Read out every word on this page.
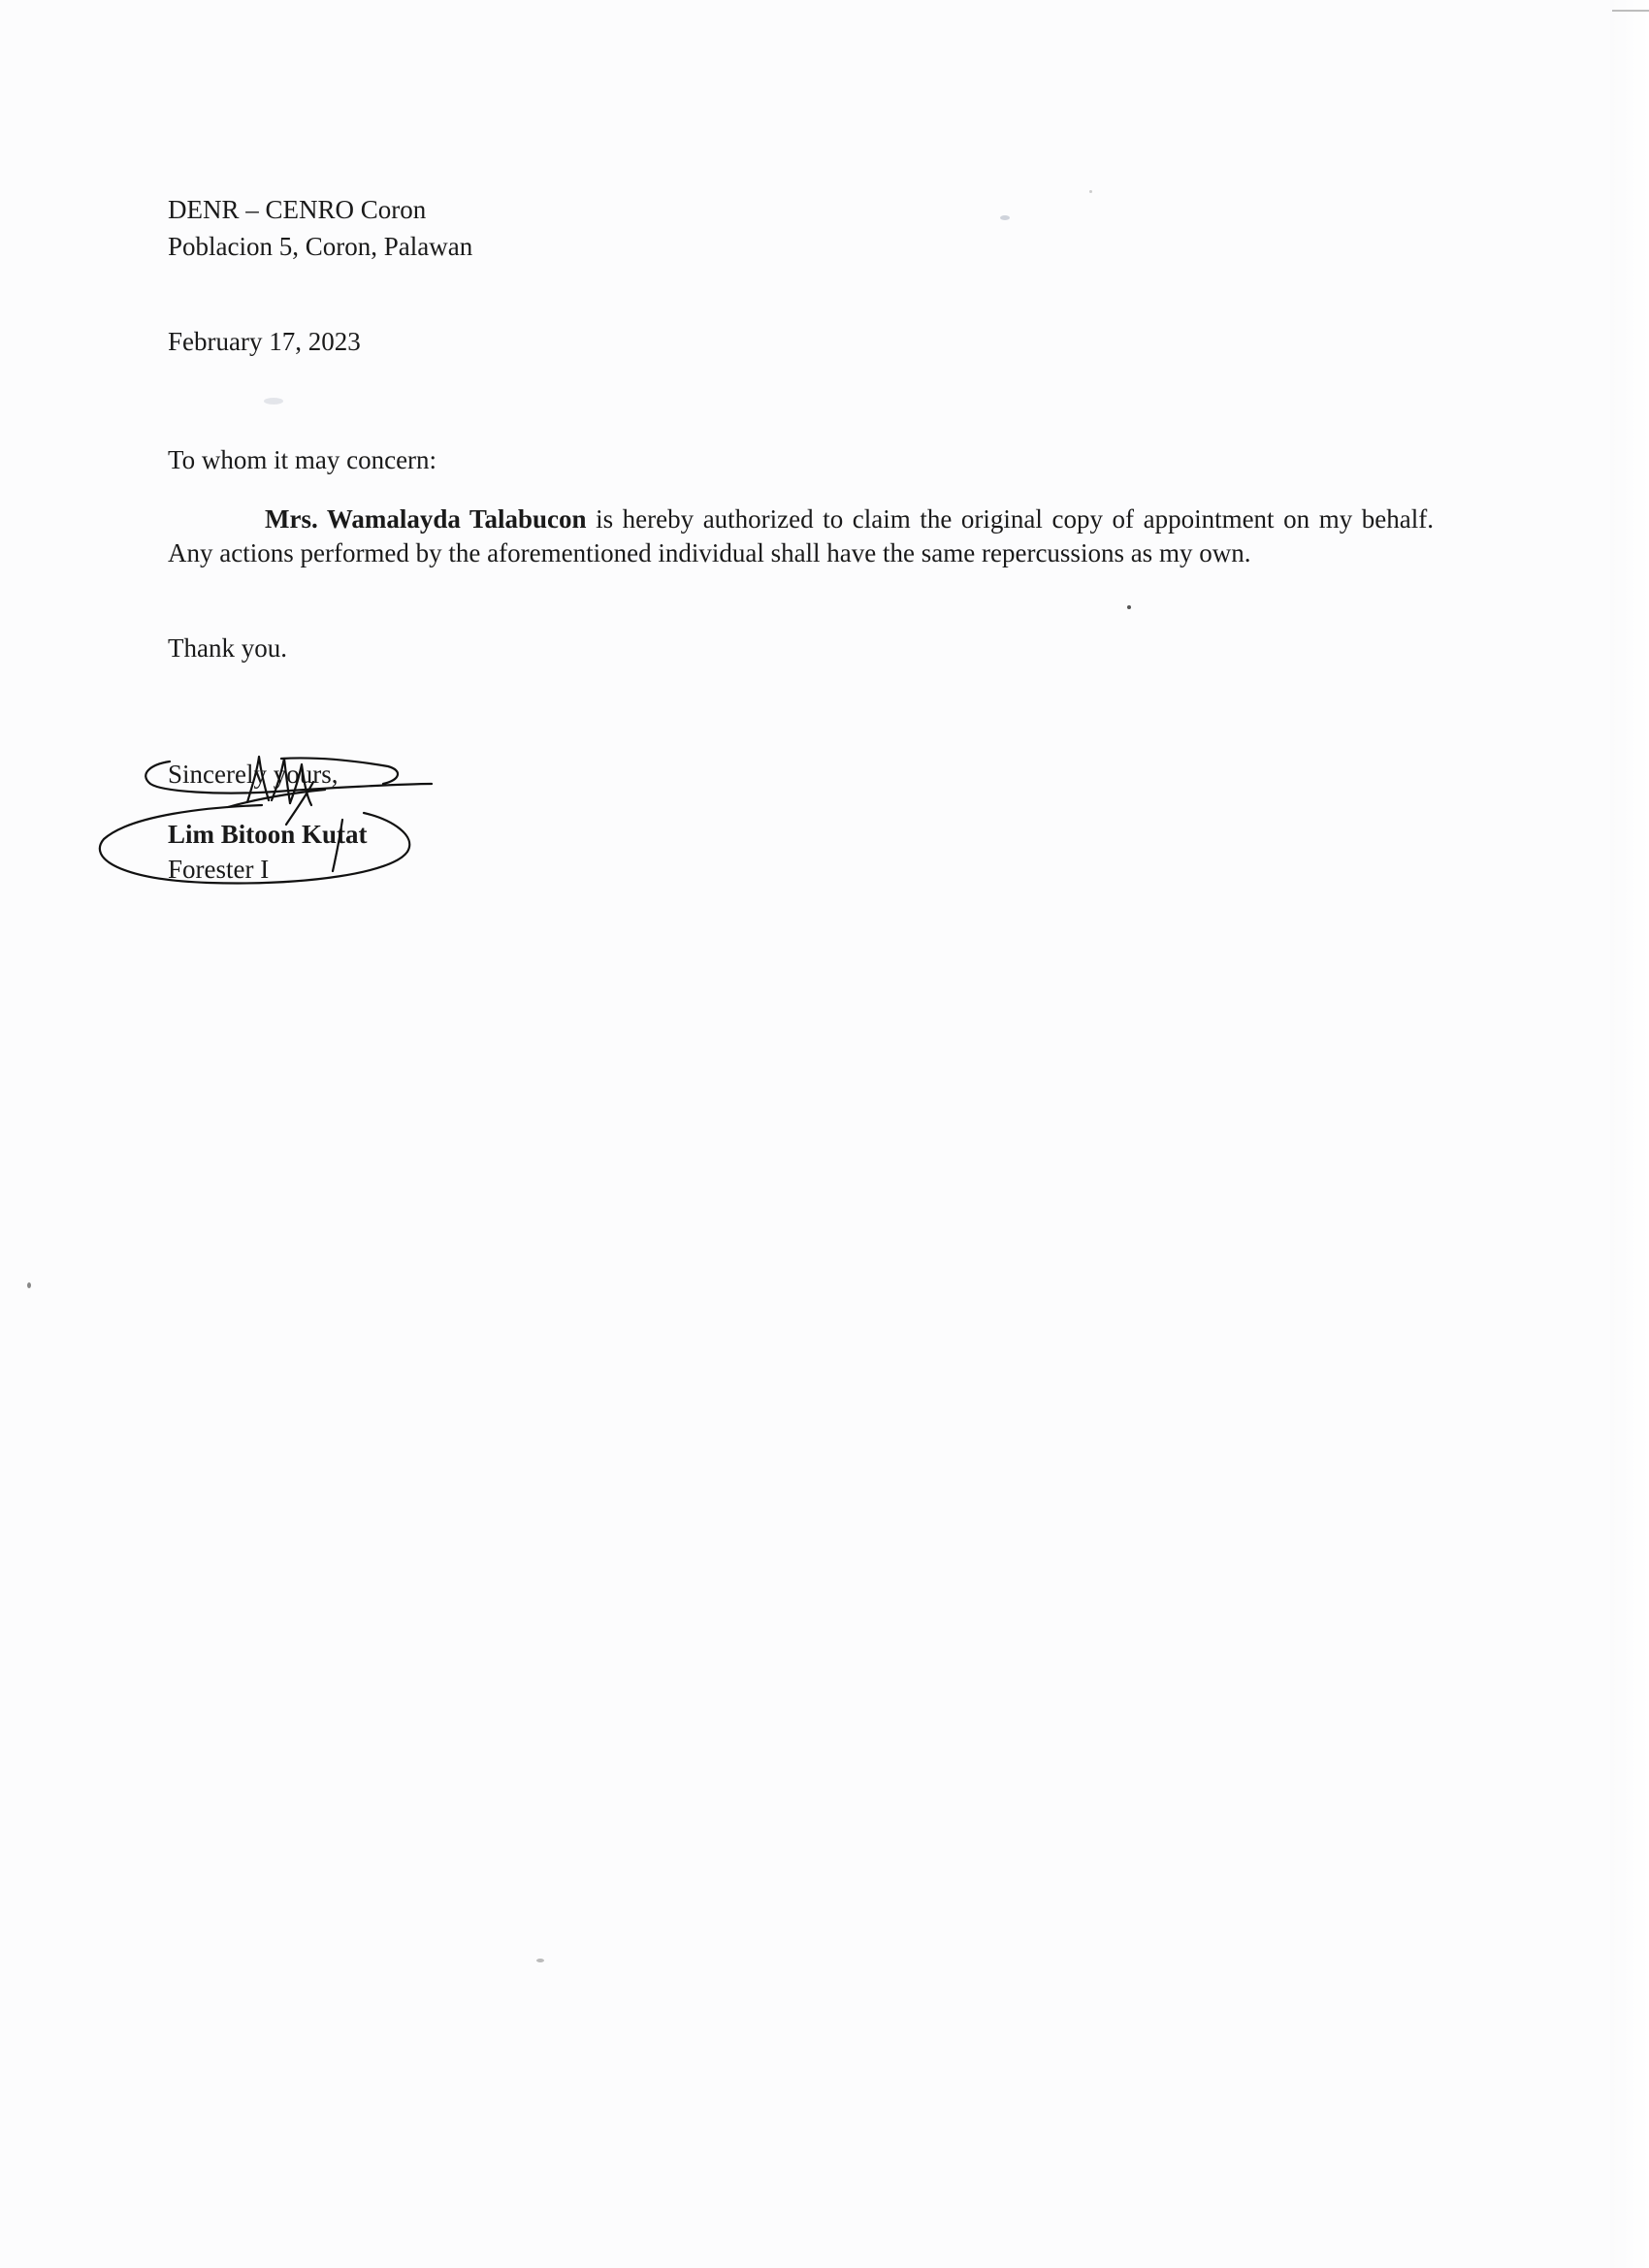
DENR – CENRO Coron
Poblacion 5, Coron, Palawan
February 17, 2023
To whom it may concern:
Mrs. Wamalayda Talabucon is hereby authorized to claim the original copy of appointment on my behalf. Any actions performed by the aforementioned individual shall have the same repercussions as my own.
Thank you.
Sincerely yours,
Lim Bitoon Kutat
Forester I
